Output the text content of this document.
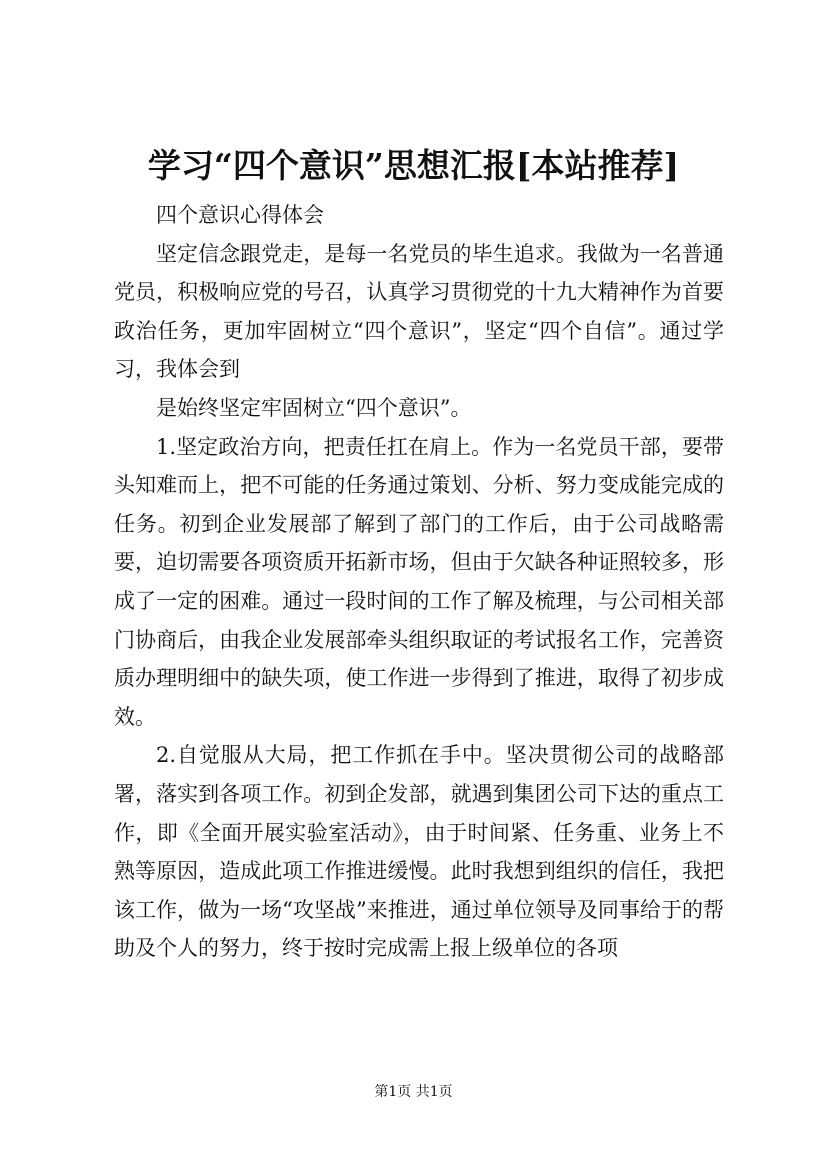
学习“四个意识”思想汇报[本站推荐]

四个意识心得体会

坚定信念跟党走，是每一名党员的毕生追求。我做为一名普通党员，积极响应党的号召，认真学习贯彻党的十九大精神作为首要政治任务，更加牢固树立“四个意识”，坚定“四个自信”。通过学习，我体会到

是始终坚定牢固树立“四个意识”。

1.坚定政治方向，把责任扛在肩上。作为一名党员干部，要带头知难而上，把不可能的任务通过策划、分析、努力变成能完成的任务。初到企业发展部了解到了部门的工作后，由于公司战略需要，迫切需要各项资质开拓新市场，但由于欠缺各种证照较多，形成了一定的困难。通过一段时间的工作了解及梳理，与公司相关部门协商后，由我企业发展部牵头组织取证的考试报名工作，完善资质办理明细中的缺失项，使工作进一步得到了推进，取得了初步成效。

2.自觉服从大局，把工作抓在手中。坚决贯彻公司的战略部署，落实到各项工作。初到企发部，就遇到集团公司下达的重点工作，即《全面开展实验室活动》，由于时间紧、任务重、业务上不熟等原因，造成此项工作推进缓慢。此时我想到组织的信任，我把该工作，做为一场“攻坚战”来推进，通过单位领导及同事给于的帮助及个人的努力，终于按时完成需上报上级单位的各项

第1页 共1页
